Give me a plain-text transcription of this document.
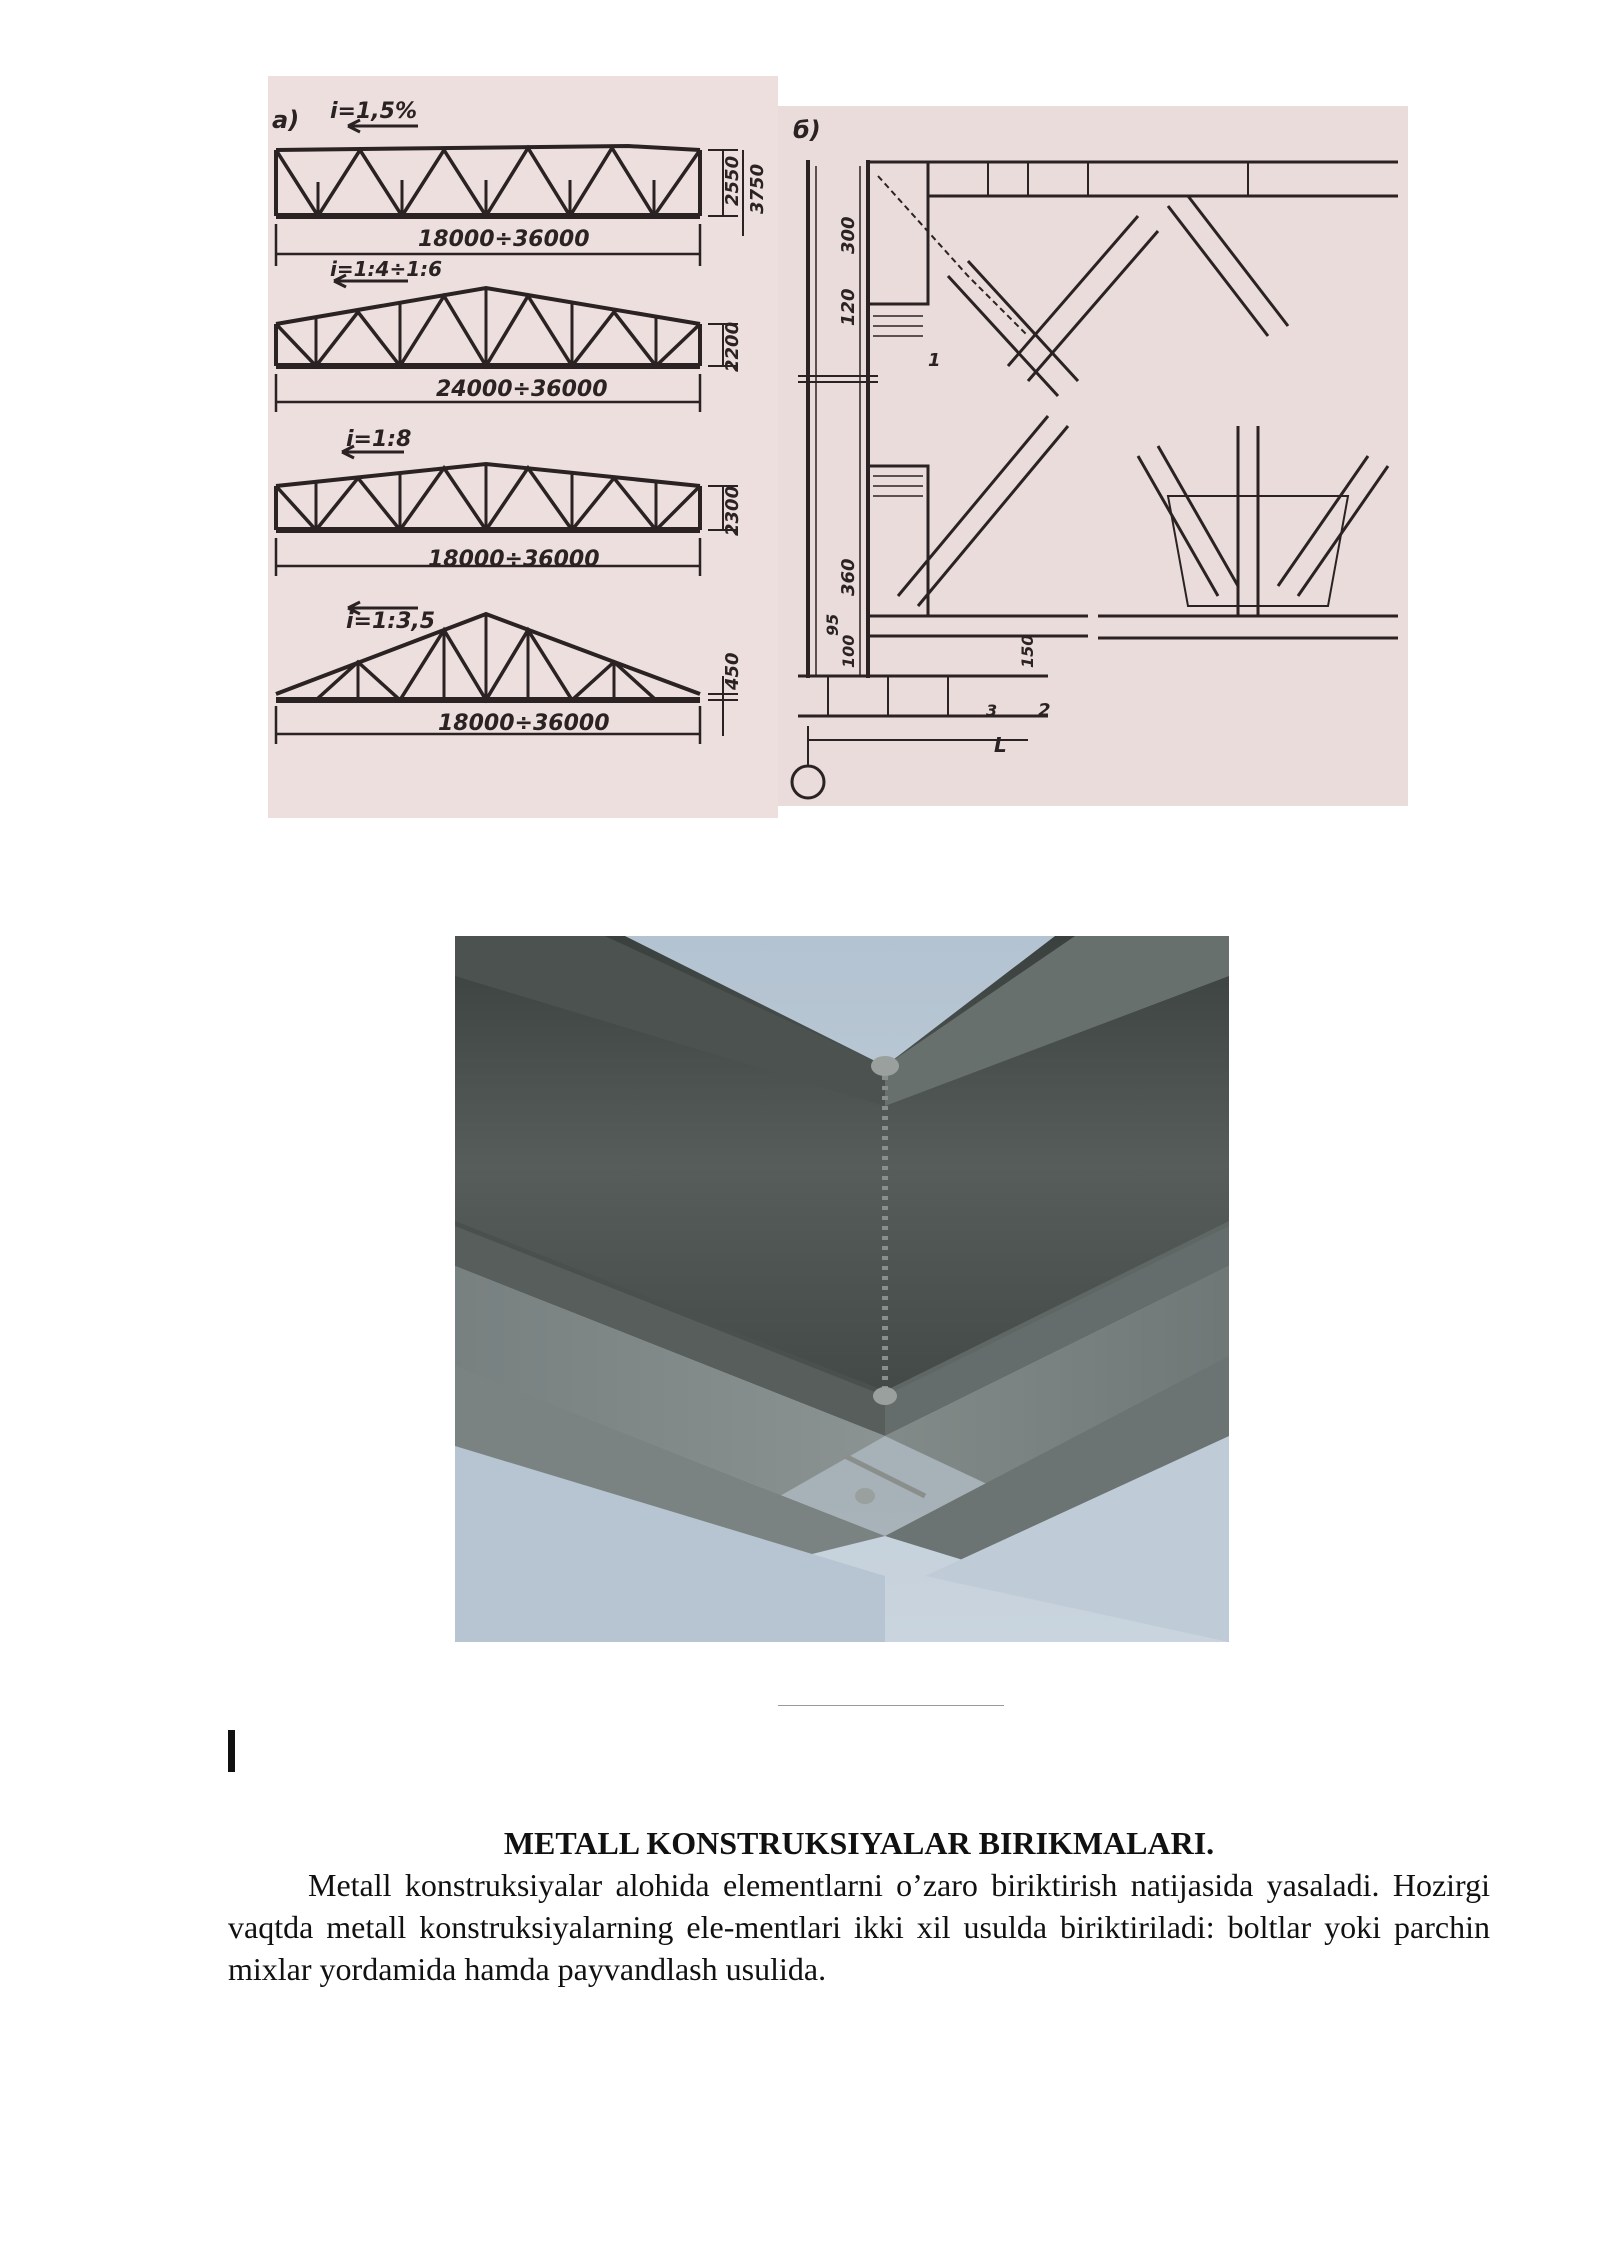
а) i=1,5%
18000÷36000
2550 3750
i=1:4÷1:6
24000÷36000
2200
i=1:8
18000÷36000
2300
i=1:3,5
18000÷36000
450
б)
300
120
360
95
100	150
3
L
1
2
METALL KONSTRUKSIYALAR BIRIKMALARI.

Metall konstruksiyalar alohida elementlarni o’zaro biriktirish natijasida yasaladi. Hozirgi vaqtda metall konstruksiyalarning ele-mentlari ikki xil usulda biriktiriladi: boltlar yoki parchin mixlar yordamida hamda payvandlash usulida.
